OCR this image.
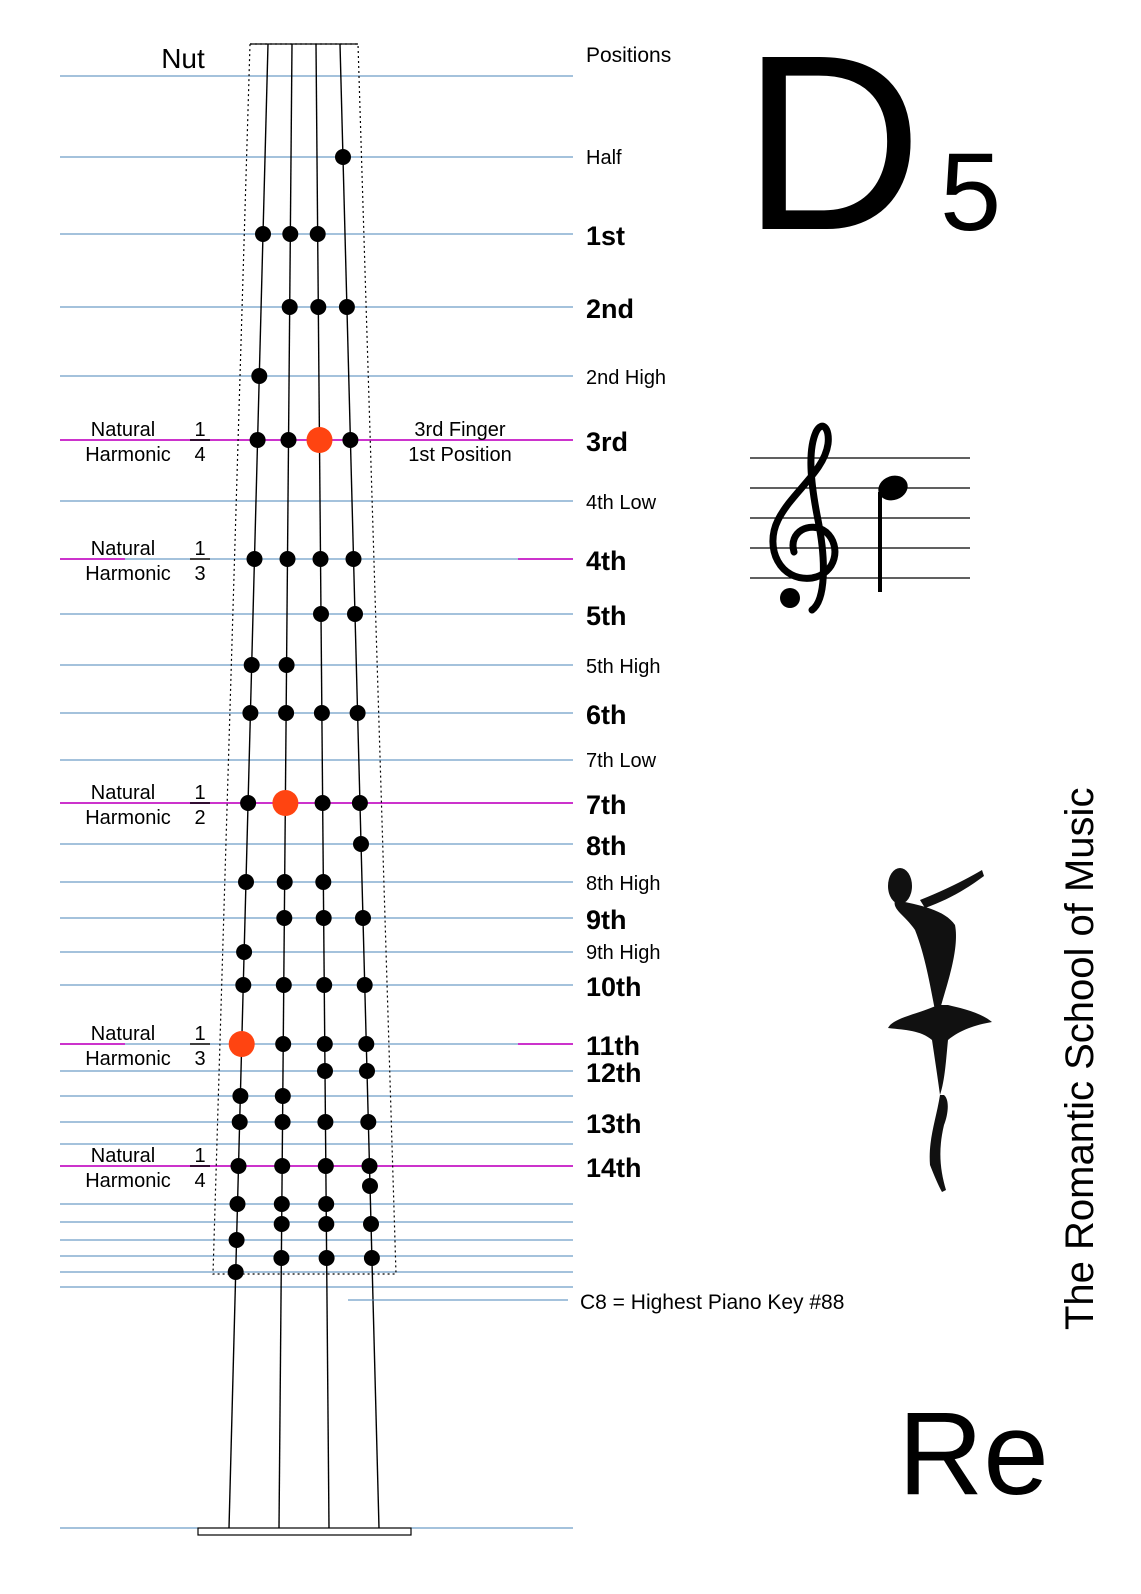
Half
1st
2nd
2nd High
3rd
4th Low
4th
5th
5th High
6th
7th Low
7th
8th
8th High
9th
9th High
10th
11th
12th
13th
14th
Natural
Harmonic
1
4
Natural
Harmonic
1
3
Natural
Harmonic
1
2
Natural
Harmonic
1
3
Natural
Harmonic
1
4
Nut	Positions
3rd Finger
1st Position
C8 = Highest Piano Key #88
D 5
Re
The Romantic School of Music
